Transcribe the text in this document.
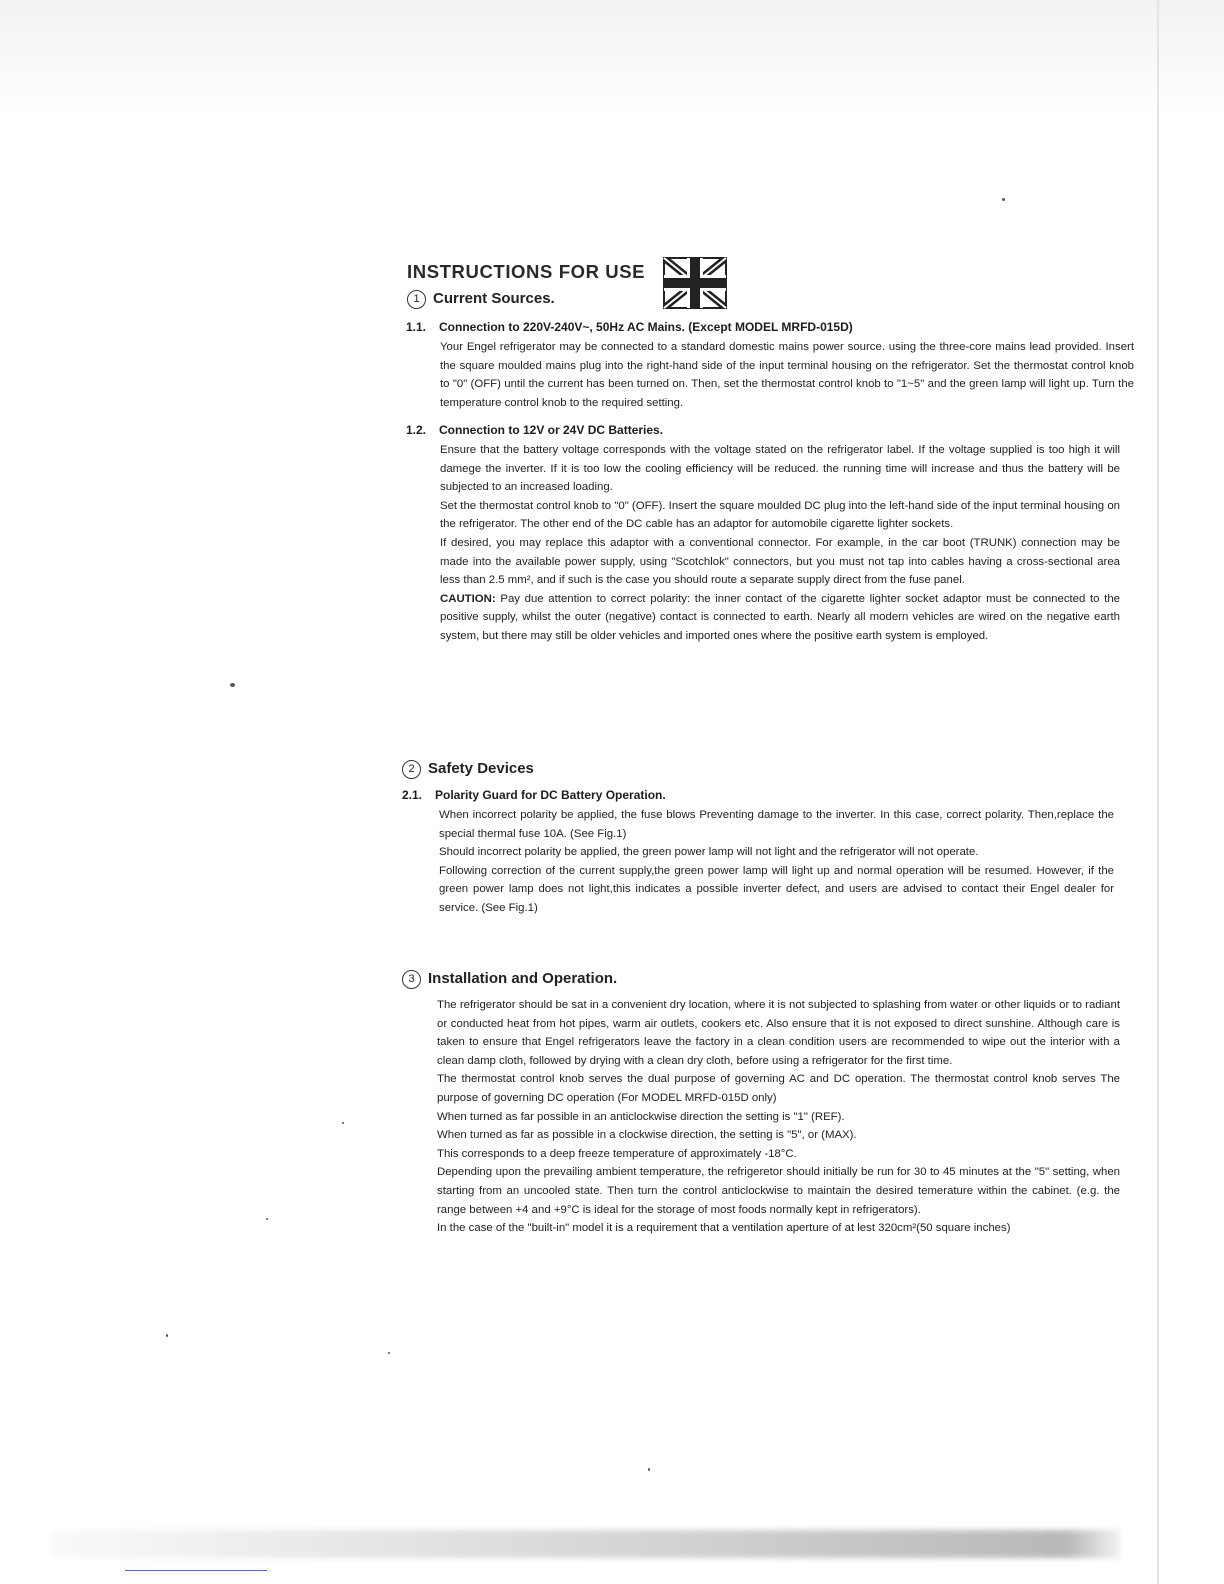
INSTRUCTIONS FOR USE
1 Current Sources.
1.1. Connection to 220V-240V~, 50Hz AC Mains. (Except MODEL MRFD-015D)

Your Engel refrigerator may be connected to a standard domestic mains power source. using the three-core mains lead provided. Insert the square moulded mains plug into the right-hand side of the input terminal housing on the refrigerator. Set the thermostat control knob to "0" (OFF) until the current has been turned on. Then, set the thermostat control knob to "1~5" and the green lamp will light up. Turn the temperature control knob to the required setting.

1.2. Connection to 12V or 24V DC Batteries.

Ensure that the battery voltage corresponds with the voltage stated on the refrigerator label. If the voltage supplied is too high it will damege the inverter. If it is too low the cooling efficiency will be reduced. the running time will increase and thus the battery will be subjected to an increased loading.

Set the thermostat control knob to "0" (OFF). Insert the square moulded DC plug into the left-hand side of the input terminal housing on the refrigerator. The other end of the DC cable has an adaptor for automobile cigarette lighter sockets.

If desired, you may replace this adaptor with a conventional connector. For example, in the car boot (TRUNK) connection may be made into the available power supply, using "Scotchlok" connectors, but you must not tap into cables having a cross-sectional area less than 2.5 mm², and if such is the case you should route a separate supply direct from the fuse panel.

CAUTION: Pay due attention to correct polarity: the inner contact of the cigarette lighter socket adaptor must be connected to the positive supply, whilst the outer (negative) contact is connected to earth. Nearly all modern vehicles are wired on the negative earth system, but there may still be older vehicles and imported ones where the positive earth system is employed.

2 Safety Devices
2.1. Polarity Guard for DC Battery Operation.

When incorrect polarity be applied, the fuse blows Preventing damage to the inverter. In this case, correct polarity. Then,replace the special thermal fuse 10A. (See Fig.1)

Should incorrect polarity be applied, the green power lamp will not light and the refrigerator will not operate.

Following correction of the current supply,the green power lamp will light up and normal operation will be resumed. However, if the green power lamp does not light,this indicates a possible inverter defect, and users are advised to contact their Engel dealer for service. (See Fig.1)

3 Installation and Operation.

The refrigerator should be sat in a convenient dry location, where it is not subjected to splashing from water or other liquids or to radiant or conducted heat from hot pipes, warm air outlets, cookers etc. Also ensure that it is not exposed to direct sunshine. Although care is taken to ensure that Engel refrigerators leave the factory in a clean condition users are recommended to wipe out the interior with a clean damp cloth, followed by drying with a clean dry cloth, before using a refrigerator for the first time.

The thermostat control knob serves the dual purpose of governing AC and DC operation. The thermostat control knob serves The purpose of governing DC operation (For MODEL MRFD-015D only)

When turned as far possible in an anticlockwise direction the setting is "1" (REF).

When turned as far as possible in a clockwise direction, the setting is "5", or (MAX).

This corresponds to a deep freeze temperature of approximately -18°C.

Depending upon the prevailing ambient temperature, the refrigeretor should initially be run for 30 to 45 minutes at the "5" setting, when starting from an uncooled state. Then turn the control anticlockwise to maintain the desired temerature within the cabinet. (e.g. the range between +4 and +9°C is ideal for the storage of most foods normally kept in refrigerators).

In the case of the "built-in" model it is a requirement that a ventilation aperture of at lest 320cm²(50 square inches)
